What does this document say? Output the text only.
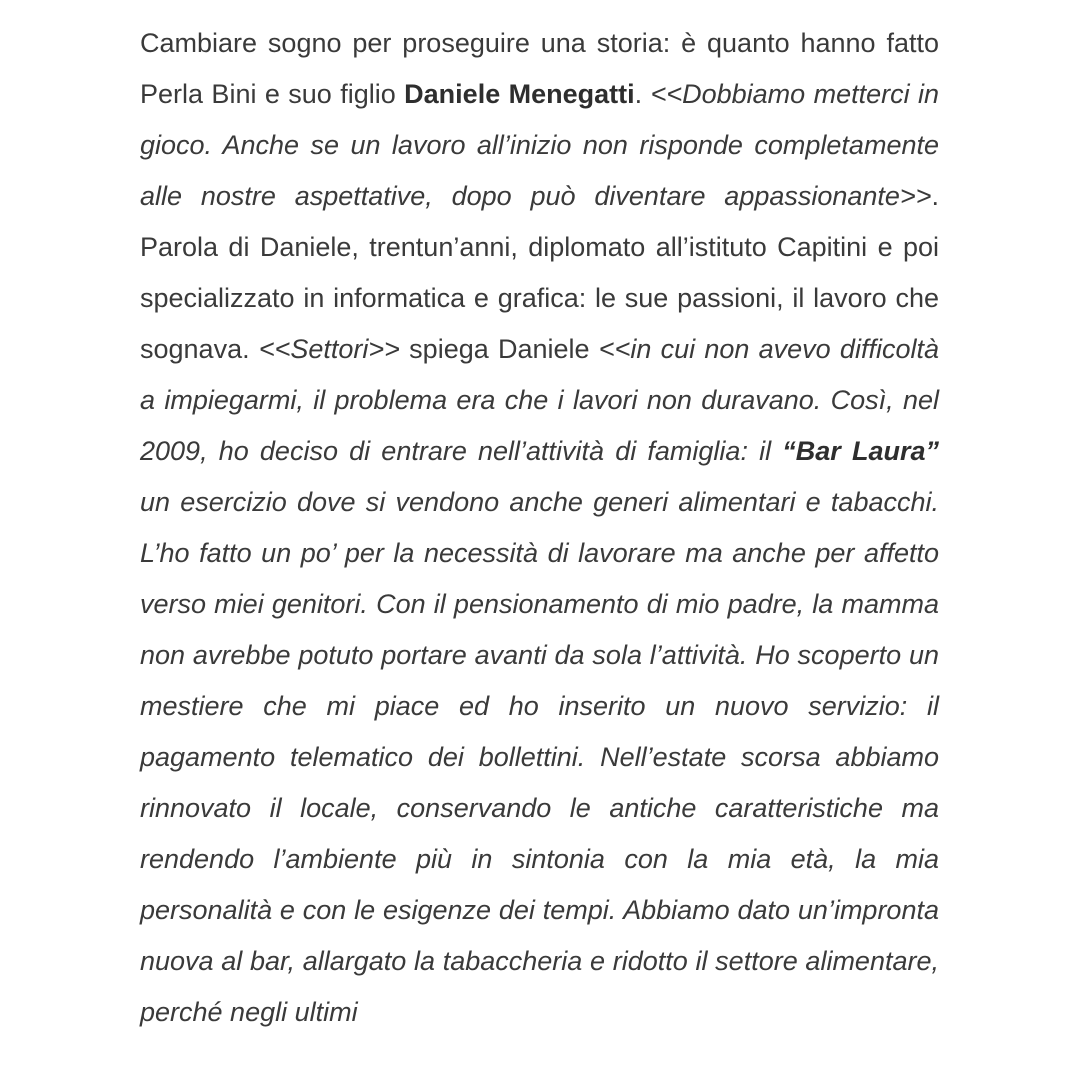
Cambiare sogno per proseguire una storia: è quanto hanno fatto Perla Bini e suo figlio Daniele Menegatti. <<Dobbiamo metterci in gioco. Anche se un lavoro all’inizio non risponde completamente alle nostre aspettative, dopo può diventare appassionante>>. Parola di Daniele, trentun’anni, diplomato all’istituto Capitini e poi specializzato in informatica e grafica: le sue passioni, il lavoro che sognava. <<Settori>> spiega Daniele <<in cui non avevo difficoltà a impiegarmi, il problema era che i lavori non duravano. Così, nel 2009, ho deciso di entrare nell’attività di famiglia: il “Bar Laura” un esercizio dove si vendono anche generi alimentari e tabacchi. L’ho fatto un po’ per la necessità di lavorare ma anche per affetto verso miei genitori. Con il pensionamento di mio padre, la mamma non avrebbe potuto portare avanti da sola l’attività. Ho scoperto un mestiere che mi piace ed ho inserito un nuovo servizio: il pagamento telematico dei bollettini. Nell’estate scorsa abbiamo rinnovato il locale, conservando le antiche caratteristiche ma rendendo l’ambiente più in sintonia con la mia età, la mia personalità e con le esigenze dei tempi. Abbiamo dato un’impronta nuova al bar, allargato la tabaccheria e ridotto il settore alimentare, perché negli ultimi
